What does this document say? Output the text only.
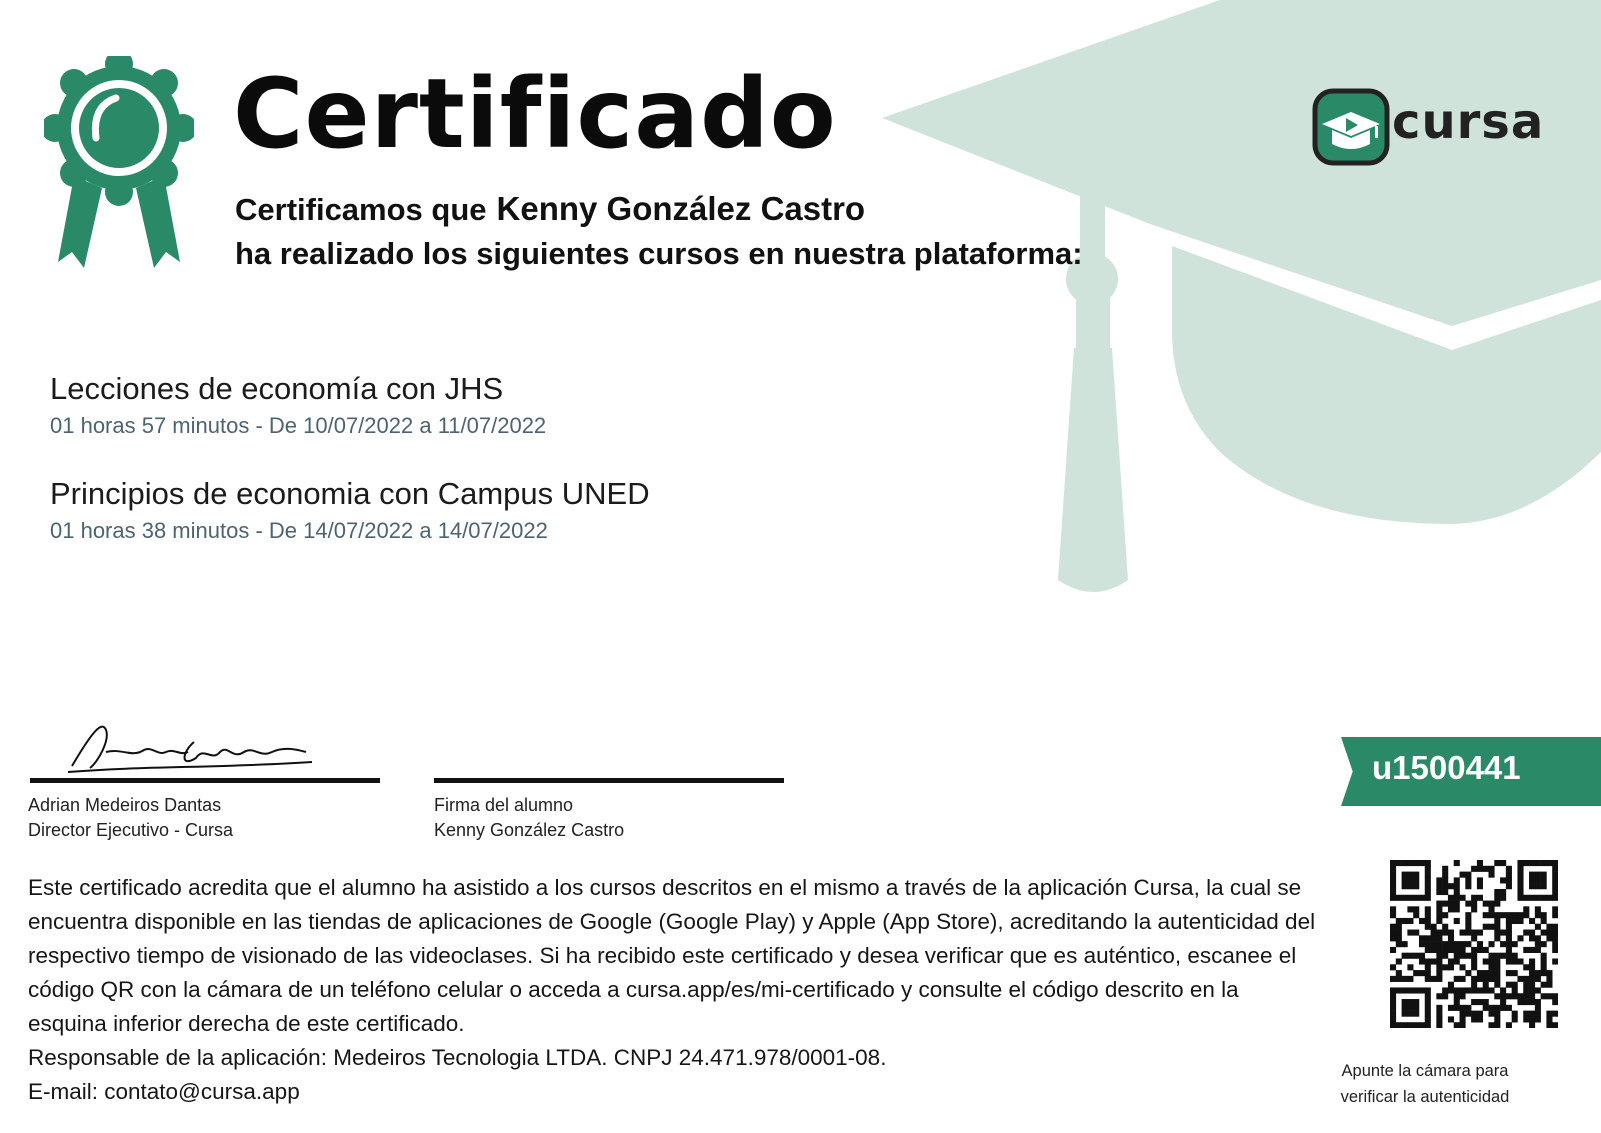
Certificado
Certificamos que Kenny González Castro
ha realizado los siguientes cursos en nuestra plataforma:
cursa
Lecciones de economía con JHS
01 horas 57 minutos - De 10/07/2022 a 11/07/2022
Principios de economia con Campus UNED
01 horas 38 minutos - De 14/07/2022 a 14/07/2022
Adrian Medeiros Dantas
Director Ejecutivo - Cursa
Firma del alumno
Kenny González Castro
u1500441

Este certificado acredita que el alumno ha asistido a los cursos descritos en el mismo a través de la aplicación Cursa, la cual se encuentra disponible en las tiendas de aplicaciones de Google (Google Play) y Apple (App Store), acreditando la autenticidad del respectivo tiempo de visionado de las videoclases. Si ha recibido este certificado y desea verificar que es auténtico, escanee el código QR con la cámara de un teléfono celular o acceda a cursa.app/es/mi-certificado y consulte el código descrito en la esquina inferior derecha de este certificado.

Responsable de la aplicación: Medeiros Tecnologia LTDA. CNPJ 24.471.978/0001-08.

E-mail: contato@cursa.app

Apunte la cámara para
verificar la autenticidad
